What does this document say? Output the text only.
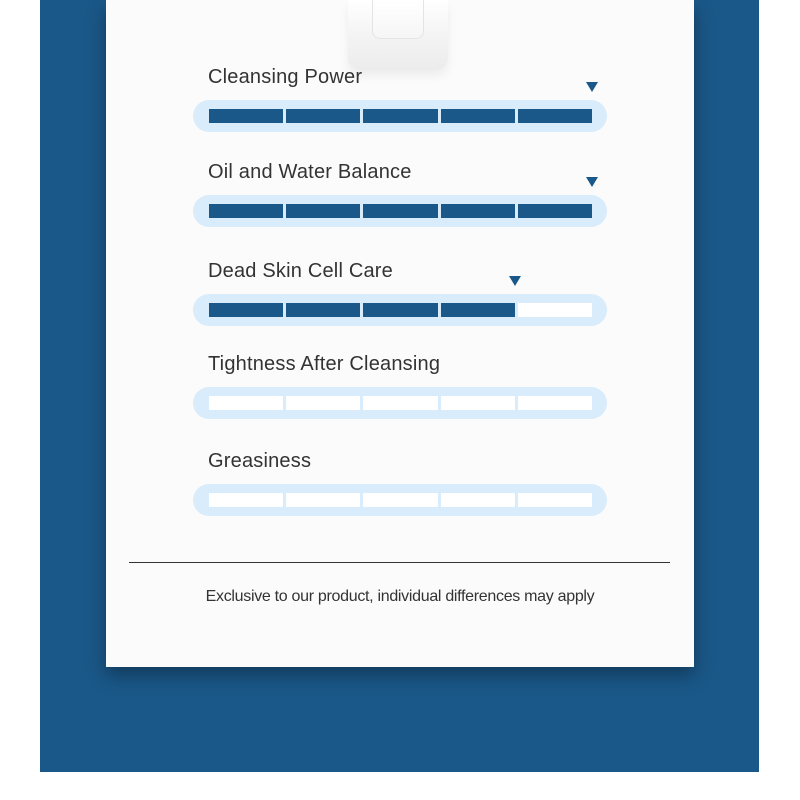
Cleansing Power
Oil and Water Balance
Dead Skin Cell Care
Tightness After Cleansing
Greasiness
Exclusive to our product, individual differences may apply
